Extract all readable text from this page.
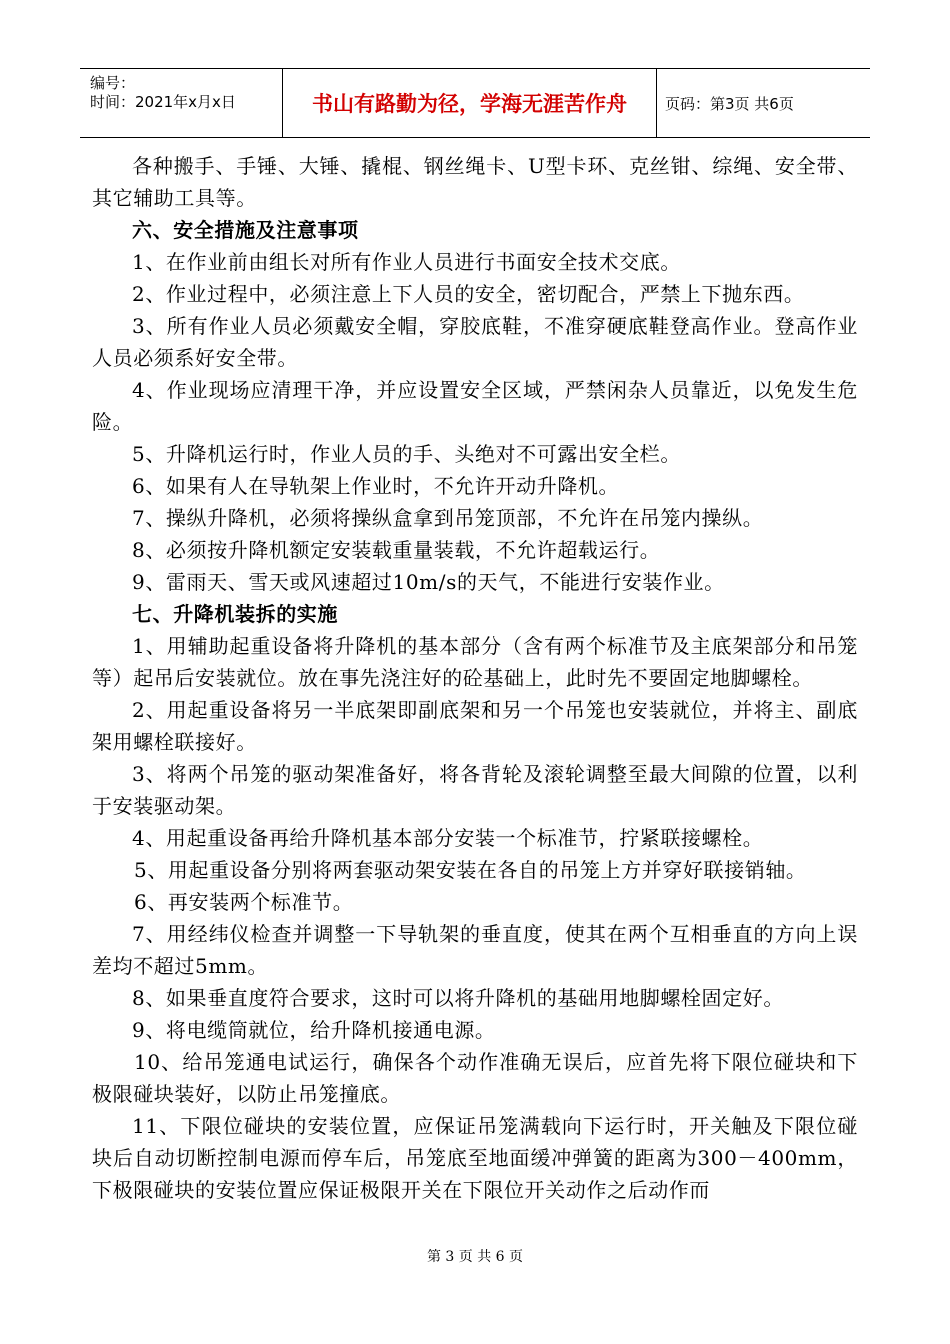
编号：
时间：2021年x月x日	书山有路勤为径，学海无涯苦作舟	页码：第3页 共6页

各种搬手、手锤、大锤、撬棍、钢丝绳卡、U型卡环、克丝钳、综绳、安全带、其它辅助工具等。

六、安全措施及注意事项

1、在作业前由组长对所有作业人员进行书面安全技术交底。

2、作业过程中，必须注意上下人员的安全，密切配合，严禁上下抛东西。

3、所有作业人员必须戴安全帽，穿胶底鞋，不准穿硬底鞋登高作业。登高作业人员必须系好安全带。

4、作业现场应清理干净，并应设置安全区域，严禁闲杂人员靠近，以免发生危险。

5、升降机运行时，作业人员的手、头绝对不可露出安全栏。

6、如果有人在导轨架上作业时，不允许开动升降机。

7、操纵升降机，必须将操纵盒拿到吊笼顶部，不允许在吊笼内操纵。

8、必须按升降机额定安装载重量装载，不允许超载运行。

9、雷雨天、雪天或风速超过10m/s的天气，不能进行安装作业。

七、升降机装拆的实施

1、用辅助起重设备将升降机的基本部分（含有两个标准节及主底架部分和吊笼等）起吊后安装就位。放在事先浇注好的砼基础上，此时先不要固定地脚螺栓。

2、用起重设备将另一半底架即副底架和另一个吊笼也安装就位，并将主、副底架用螺栓联接好。

3、将两个吊笼的驱动架准备好，将各背轮及滚轮调整至最大间隙的位置，以利于安装驱动架。

4、用起重设备再给升降机基本部分安装一个标准节，拧紧联接螺栓。

5、用起重设备分别将两套驱动架安装在各自的吊笼上方并穿好联接销轴。

6、再安装两个标准节。

7、用经纬仪检查并调整一下导轨架的垂直度，使其在两个互相垂直的方向上误差均不超过5mm。

8、如果垂直度符合要求，这时可以将升降机的基础用地脚螺栓固定好。

9、将电缆筒就位，给升降机接通电源。

10、给吊笼通电试运行，确保各个动作准确无误后，应首先将下限位碰块和下极限碰块装好，以防止吊笼撞底。

11、下限位碰块的安装位置，应保证吊笼满载向下运行时，开关触及下限位碰块后自动切断控制电源而停车后，吊笼底至地面缓冲弹簧的距离为300－400mm，下极限碰块的安装位置应保证极限开关在下限位开关动作之后动作而

第 3 页 共 6 页
